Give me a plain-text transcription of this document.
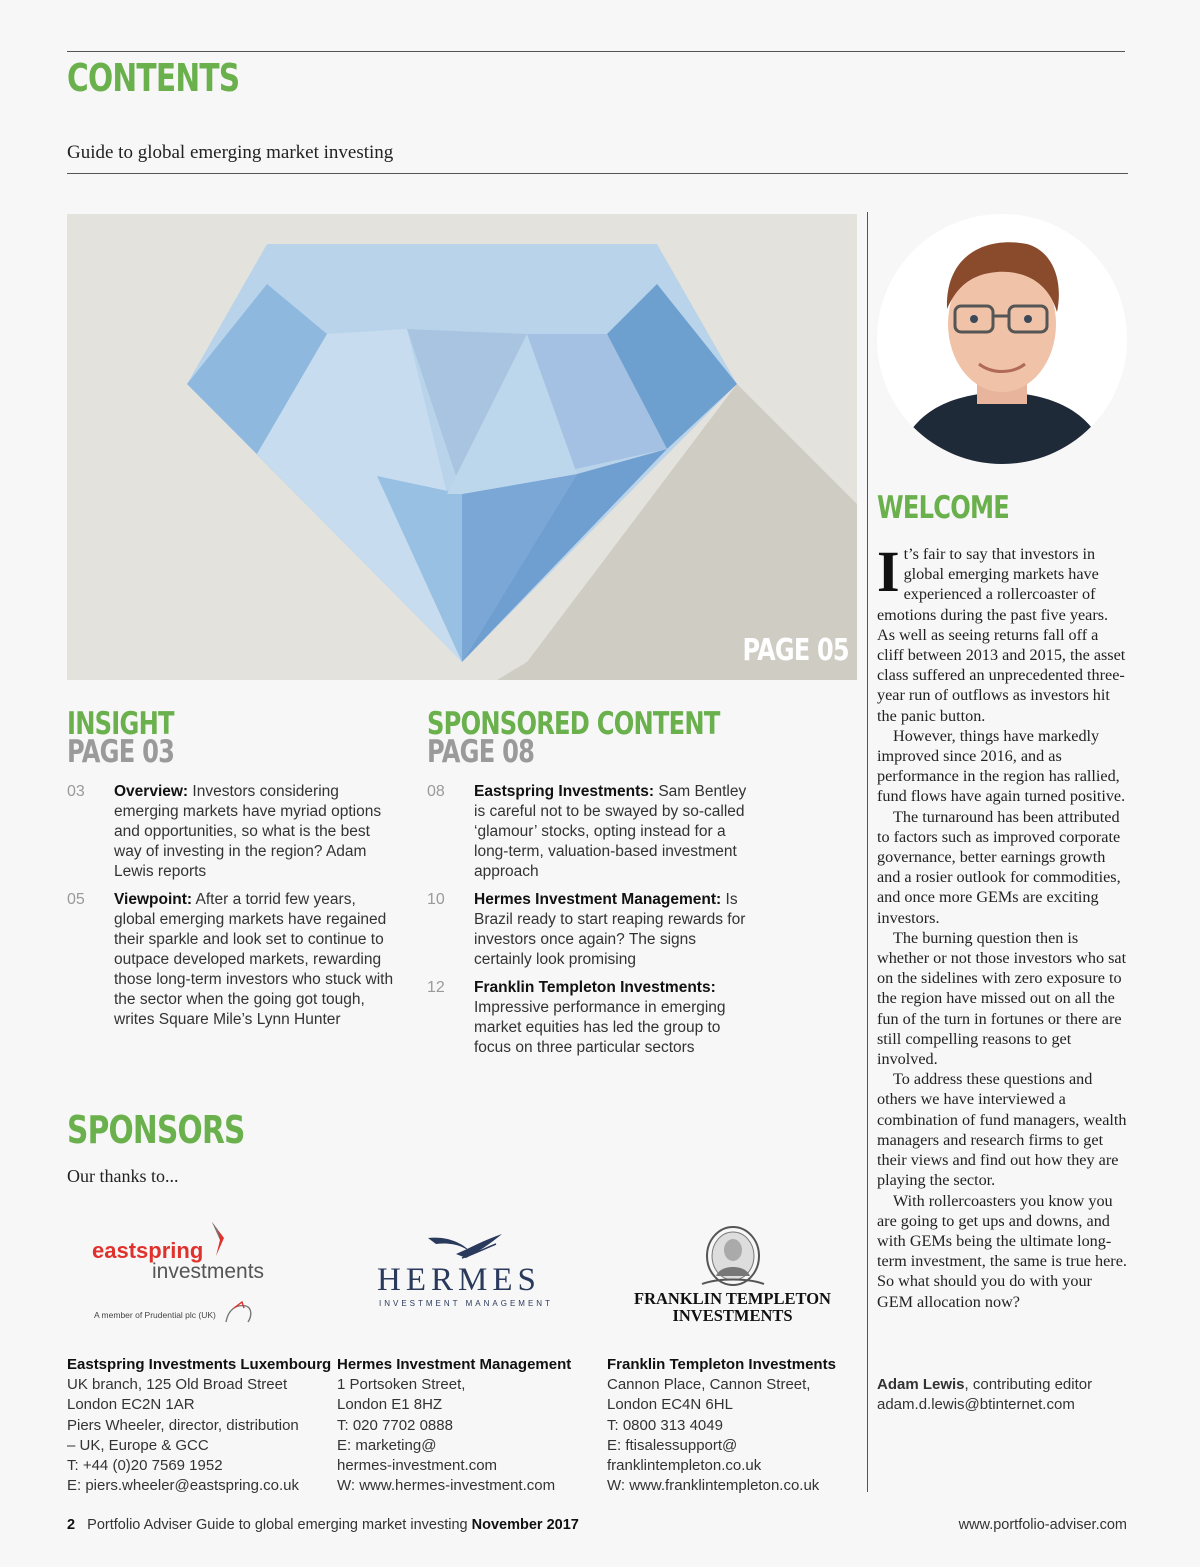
CONTENTS
Guide to global emerging market investing
PAGE 05
INSIGHT
PAGE 03
03	Overview: Investors considering emerging markets have myriad options and opportunities, so what is the best way of investing in the region? Adam Lewis reports
05	Viewpoint: After a torrid few years, global emerging markets have regained their sparkle and look set to continue to outpace developed markets, rewarding those long-term investors who stuck with the sector when the going got tough, writes Square Mile’s Lynn Hunter
SPONSORED CONTENT
PAGE 08
08	Eastspring Investments: Sam Bentley is careful not to be swayed by so-called ‘glamour’ stocks, opting instead for a long-term, valuation-based investment approach
10	Hermes Investment Management: Is Brazil ready to start reaping rewards for investors once again? The signs certainly look promising
12	Franklin Templeton Investments: Impressive performance in emerging market equities has led the group to focus on three particular sectors
SPONSORS
Our thanks to...
eastspring
investments
A member of Prudential plc (UK)
HERMES
INVESTMENT MANAGEMENT	FRANKLIN TEMPLETON
INVESTMENTS
Eastspring Investments Luxembourg
UK branch, 125 Old Broad Street
London EC2N 1AR
Piers Wheeler, director, distribution
– UK, Europe & GCC
T: +44 (0)20 7569 1952
E: piers.wheeler@eastspring.co.uk
Hermes Investment Management
1 Portsoken Street,
London E1 8HZ
T: 020 7702 0888
E: marketing@
hermes-investment.com
W: www.hermes-investment.com
Franklin Templeton Investments
Cannon Place, Cannon Street,
London EC4N 6HL
T: 0800 313 4049
E: ftisalessupport@
franklintempleton.co.uk
W: www.franklintempleton.co.uk
WELCOME

It’s fair to say that investors in global emerging markets have experienced a rollercoaster of emotions during the past five years. As well as seeing returns fall off a cliff between 2013 and 2015, the asset class suffered an unprecedented three-year run of outflows as investors hit the panic button.

However, things have markedly improved since 2016, and as performance in the region has rallied, fund flows have again turned positive.

The turnaround has been attributed to factors such as improved corporate governance, better earnings growth and a rosier outlook for commodities, and once more GEMs are exciting investors.

The burning question then is whether or not those investors who sat on the sidelines with zero exposure to the region have missed out on all the fun of the turn in fortunes or there are still compelling reasons to get involved.

To address these questions and others we have interviewed a combination of fund managers, wealth managers and research firms to get their views and find out how they are playing the sector.

With rollercoasters you know you are going to get ups and downs, and with GEMs being the ultimate long-term investment, the same is true here. So what should you do with your GEM allocation now?

Adam Lewis, contributing editor
adam.d.lewis@btinternet.com
2 Portfolio Adviser Guide to global emerging market investing November 2017	www.portfolio-adviser.com
